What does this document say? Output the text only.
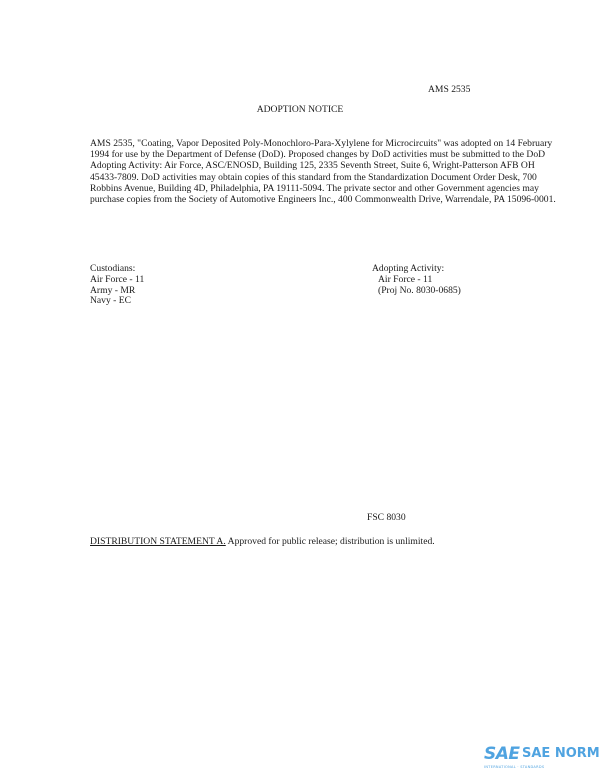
AMS 2535
ADOPTION NOTICE
AMS 2535, "Coating, Vapor Deposited Poly-Monochloro-Para-Xylylene for Microcircuits" was adopted on 14 February 1994 for use by the Department of Defense (DoD). Proposed changes by DoD activities must be submitted to the DoD Adopting Activity: Air Force, ASC/ENOSD, Building 125, 2335 Seventh Street, Suite 6, Wright-Patterson AFB OH 45433-7809. DoD activities may obtain copies of this standard from the Standardization Document Order Desk, 700 Robbins Avenue, Building 4D, Philadelphia, PA 19111-5094. The private sector and other Government agencies may purchase copies from the Society of Automotive Engineers Inc., 400 Commonwealth Drive, Warrendale, PA 15096-0001.
Custodians:
Air Force - 11
Army - MR
Navy - EC
Adopting Activity:
Air Force - 11
(Proj No. 8030-0685)
FSC 8030
DISTRIBUTION STATEMENT A. Approved for public release; distribution is unlimited.
SAE SAE NORM
INTERNATIONAL · STANDARDS
